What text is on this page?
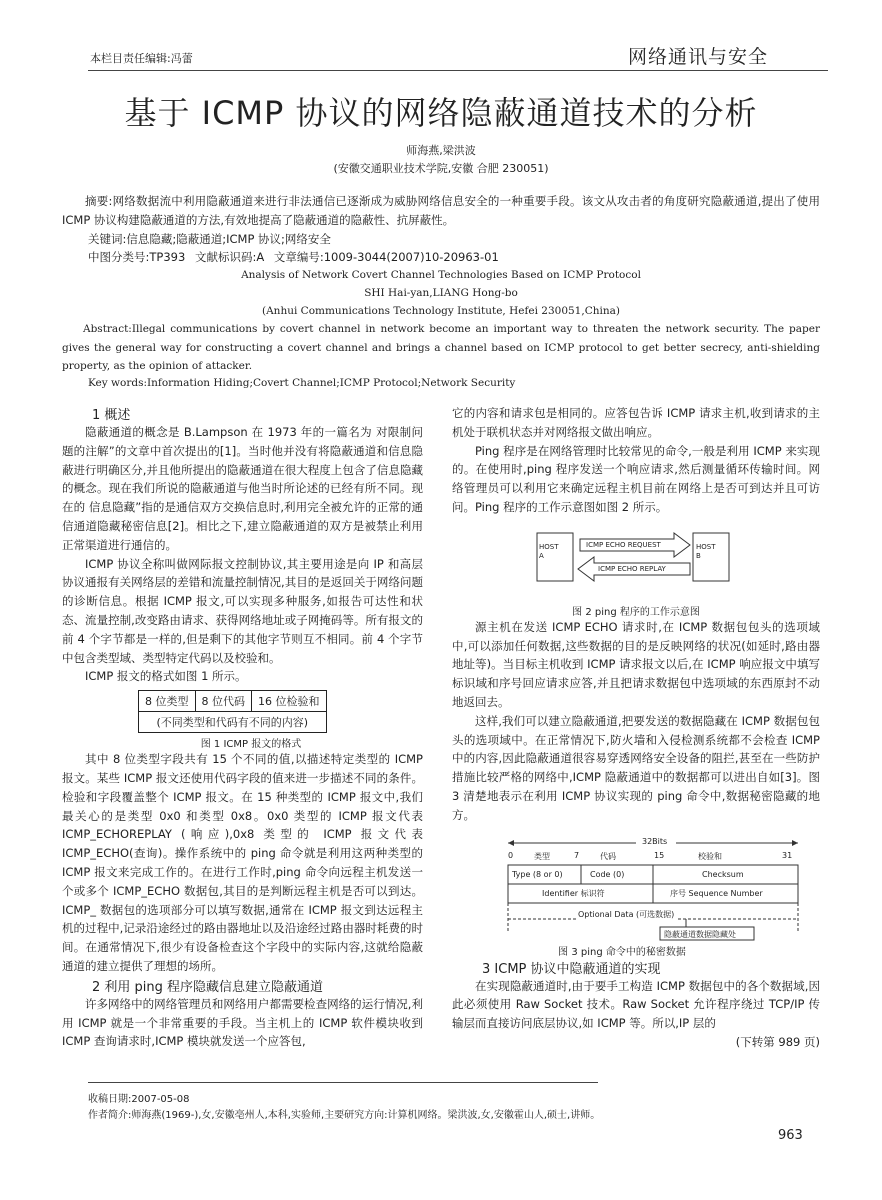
本栏目责任编辑:冯蕾	网络通讯与安全
基于 ICMP 协议的网络隐蔽通道技术的分析
师海燕,梁洪波
(安徽交通职业技术学院,安徽 合肥 230051)
摘要:网络数据流中利用隐蔽通道来进行非法通信已逐渐成为威胁网络信息安全的一种重要手段。该文从攻击者的角度研究隐蔽通道,提出了使用 ICMP 协议构建隐蔽通道的方法,有效地提高了隐蔽通道的隐蔽性、抗屏蔽性。
关键词:信息隐藏;隐蔽通道;ICMP 协议;网络安全
中图分类号:TP393 文献标识码:A 文章编号:1009-3044(2007)10-20963-01
Analysis of Network Covert Channel Technologies Based on ICMP Protocol
SHI Hai-yan,LIANG Hong-bo
(Anhui Communications Technology Institute, Hefei 230051,China)
Abstract:Illegal communications by covert channel in network become an important way to threaten the network security. The paper gives the general way for constructing a covert channel and brings a channel based on ICMP protocol to get better secrecy, anti-shielding property, as the opinion of attacker.
Key words:Information Hiding;Covert Channel;ICMP Protocol;Network Security
1 概述
隐蔽通道的概念是 B.Lampson 在 1973 年的一篇名为 对限制问题的注解”的文章中首次提出的[1]。当时他并没有将隐蔽通道和信息隐蔽进行明确区分,并且他所提出的隐蔽通道在很大程度上包含了信息隐藏的概念。现在我们所说的隐蔽通道与他当时所论述的已经有所不同。现在的 信息隐藏”指的是通信双方交换信息时,利用完全被允许的正常的通信通道隐藏秘密信息[2]。相比之下,建立隐蔽通道的双方是被禁止利用正常渠道进行通信的。
ICMP 协议全称叫做网际报文控制协议,其主要用途是向 IP 和高层协议通报有关网络层的差错和流量控制情况,其目的是返回关于网络问题的诊断信息。根据 ICMP 报文,可以实现多种服务,如报告可达性和状态、流量控制,改变路由请求、获得网络地址或子网掩码等。所有报文的前 4 个字节都是一样的,但是剩下的其他字节则互不相同。前 4 个字节中包含类型域、类型特定代码以及校验和。
ICMP 报文的格式如图 1 所示。
8 位类型	8 位代码	16 位检验和
(不同类型和代码有不同的内容)
图 1 ICMP 报文的格式
其中 8 位类型字段共有 15 个不同的值,以描述特定类型的 ICMP 报文。某些 ICMP 报文还使用代码字段的值来进一步描述不同的条件。检验和字段覆盖整个 ICMP 报文。在 15 种类型的 ICMP 报文中,我们最关心的是类型 0x0 和类型 0x8。0x0 类型的 ICMP 报文代表 ICMP_ECHOREPLAY (响应),0x8 类型的 ICMP 报文代表 ICMP_ECHO(查询)。操作系统中的 ping 命令就是利用这两种类型的 ICMP 报文来完成工作的。在进行工作时,ping 命令向远程主机发送一个或多个 ICMP_ECHO 数据包,其目的是判断远程主机是否可以到达。ICMP_ 数据包的选项部分可以填写数据,通常在 ICMP 报文到达远程主机的过程中,记录沿途经过的路由器地址以及沿途经过路由器时耗费的时间。在通常情况下,很少有设备检查这个字段中的实际内容,这就给隐蔽通道的建立提供了理想的场所。
2 利用 ping 程序隐藏信息建立隐蔽通道
许多网络中的网络管理员和网络用户都需要检查网络的运行情况,利用 ICMP 就是一个非常重要的手段。当主机上的 ICMP 软件模块收到 ICMP 查询请求时,ICMP 模块就发送一个应答包,
它的内容和请求包是相同的。应答包告诉 ICMP 请求主机,收到请求的主机处于联机状态并对网络报文做出响应。
Ping 程序是在网络管理时比较常见的命令,一般是利用 ICMP 来实现的。在使用时,ping 程序发送一个响应请求,然后测量循环传输时间。网络管理员可以利用它来确定远程主机目前在网络上是否可到达并且可访问。Ping 程序的工作示意图如图 2 所示。
HOST
A
HOST
B
ICMP ECHO REQUEST
ICMP ECHO REPLAY
图 2 ping 程序的工作示意图
源主机在发送 ICMP ECHO 请求时,在 ICMP 数据包包头的选项域中,可以添加任何数据,这些数据的目的是反映网络的状况(如延时,路由器地址等)。当目标主机收到 ICMP 请求报文以后,在 ICMP 响应报文中填写标识域和序号回应请求应答,并且把请求数据包中选项域的东西原封不动地返回去。
这样,我们可以建立隐蔽通道,把要发送的数据隐藏在 ICMP 数据包包头的选项域中。在正常情况下,防火墙和入侵检测系统都不会检查 ICMP 中的内容,因此隐蔽通道很容易穿透网络安全设备的阻拦,甚至在一些防护措施比较严格的网络中,ICMP 隐蔽通道中的数据都可以进出自如[3]。图 3 清楚地表示在利用 ICMP 协议实现的 ping 命令中,数据秘密隐藏的地方。
32Bits
0	类型	7	代码	15	校验和	31
Type (8 or 0)	Code (0)	Checksum
Identifier 标识符	序号 Sequence Number
Optional Data (可选数据)
隐蔽通道数据隐藏处
图 3 ping 命令中的秘密数据
3 ICMP 协议中隐蔽通道的实现
在实现隐蔽通道时,由于要手工构造 ICMP 数据包中的各个数据域,因此必须使用 Raw Socket 技术。Raw Socket 允许程序绕过 TCP/IP 传输层而直接访问底层协议,如 ICMP 等。所以,IP 层的
(下转第 989 页)
收稿日期:2007-05-08
作者简介:师海燕(1969-),女,安徽亳州人,本科,实验师,主要研究方向:计算机网络。梁洪波,女,安徽霍山人,硕士,讲师。
963
